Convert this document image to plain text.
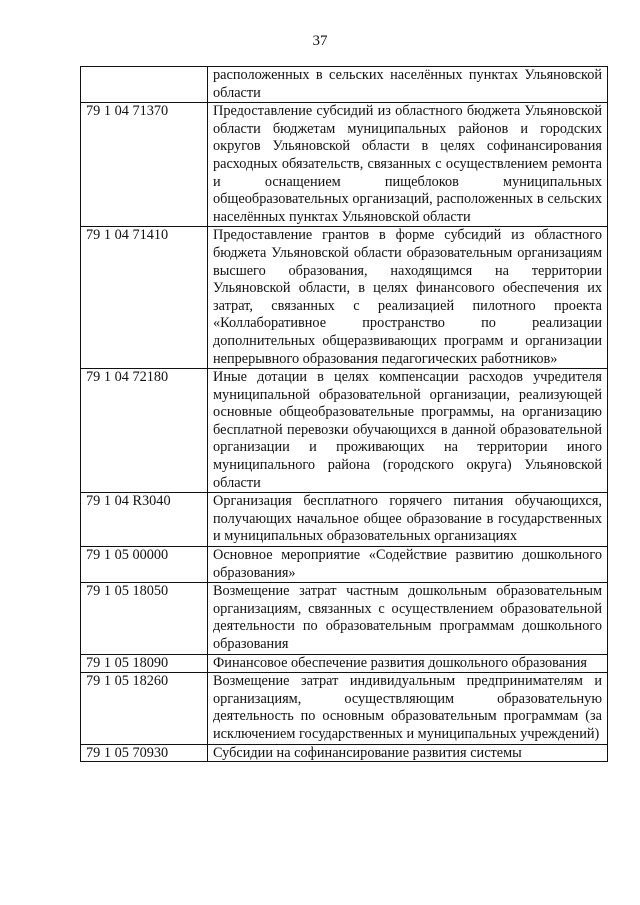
37
	расположенных в сельских населённых пунктах Ульяновской области
79 1 04 71370	Предоставление субсидий из областного бюджета Ульяновской области бюджетам муниципальных районов и городских округов Ульяновской области в целях софинансирования расходных обязательств, связанных с осуществлением ремонта и оснащением пищеблоков муниципальных общеобразовательных организаций, расположенных в сельских населённых пунктах Ульяновской области
79 1 04 71410	Предоставление грантов в форме субсидий из областного бюджета Ульяновской области образовательным организациям высшего образования, находящимся на территории Ульяновской области, в целях финансового обеспечения их затрат, связанных с реализацией пилотного проекта «Коллаборативное пространство по реализации дополнительных общеразвивающих программ и организации непрерывного образования педагогических работников»
79 1 04 72180	Иные дотации в целях компенсации расходов учредителя муниципальной образовательной организации, реализующей основные общеобразовательные программы, на организацию бесплатной перевозки обучающихся в данной образовательной организации и проживающих на территории иного муниципального района (городского округа) Ульяновской области
79 1 04 R3040	Организация бесплатного горячего питания обучающихся, получающих начальное общее образование в государственных и муниципальных образовательных организациях
79 1 05 00000	Основное мероприятие «Содействие развитию дошкольного образования»
79 1 05 18050	Возмещение затрат частным дошкольным образовательным организациям, связанных с осуществлением образовательной деятельности по образовательным программам дошкольного образования
79 1 05 18090	Финансовое обеспечение развития дошкольного образования
79 1 05 18260	Возмещение затрат индивидуальным предпринимателям и организациям, осуществляющим образовательную деятельность по основным образовательным программам (за исключением государственных и муниципальных учреждений)

79 1 05 70930	Субсидии на софинансирование развития системы
